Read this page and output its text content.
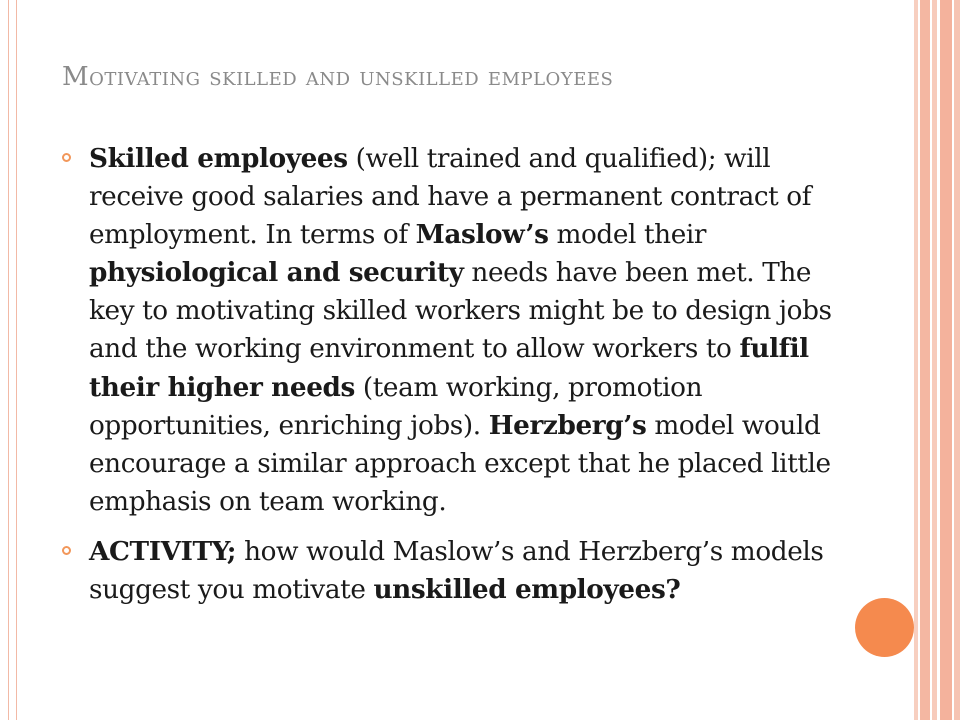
Motivating skilled and unskilled employees
Skilled employees (well trained and qualified); will receive good salaries and have a permanent contract of employment. In terms of Maslow’s model their physiological and security needs have been met. The key to motivating skilled workers might be to design jobs and the working environment to allow workers to fulfil their higher needs (team working, promotion opportunities, enriching jobs). Herzberg’s model would encourage a similar approach except that he placed little emphasis on team working.
ACTIVITY; how would Maslow’s and Herzberg’s models suggest you motivate unskilled employees?
